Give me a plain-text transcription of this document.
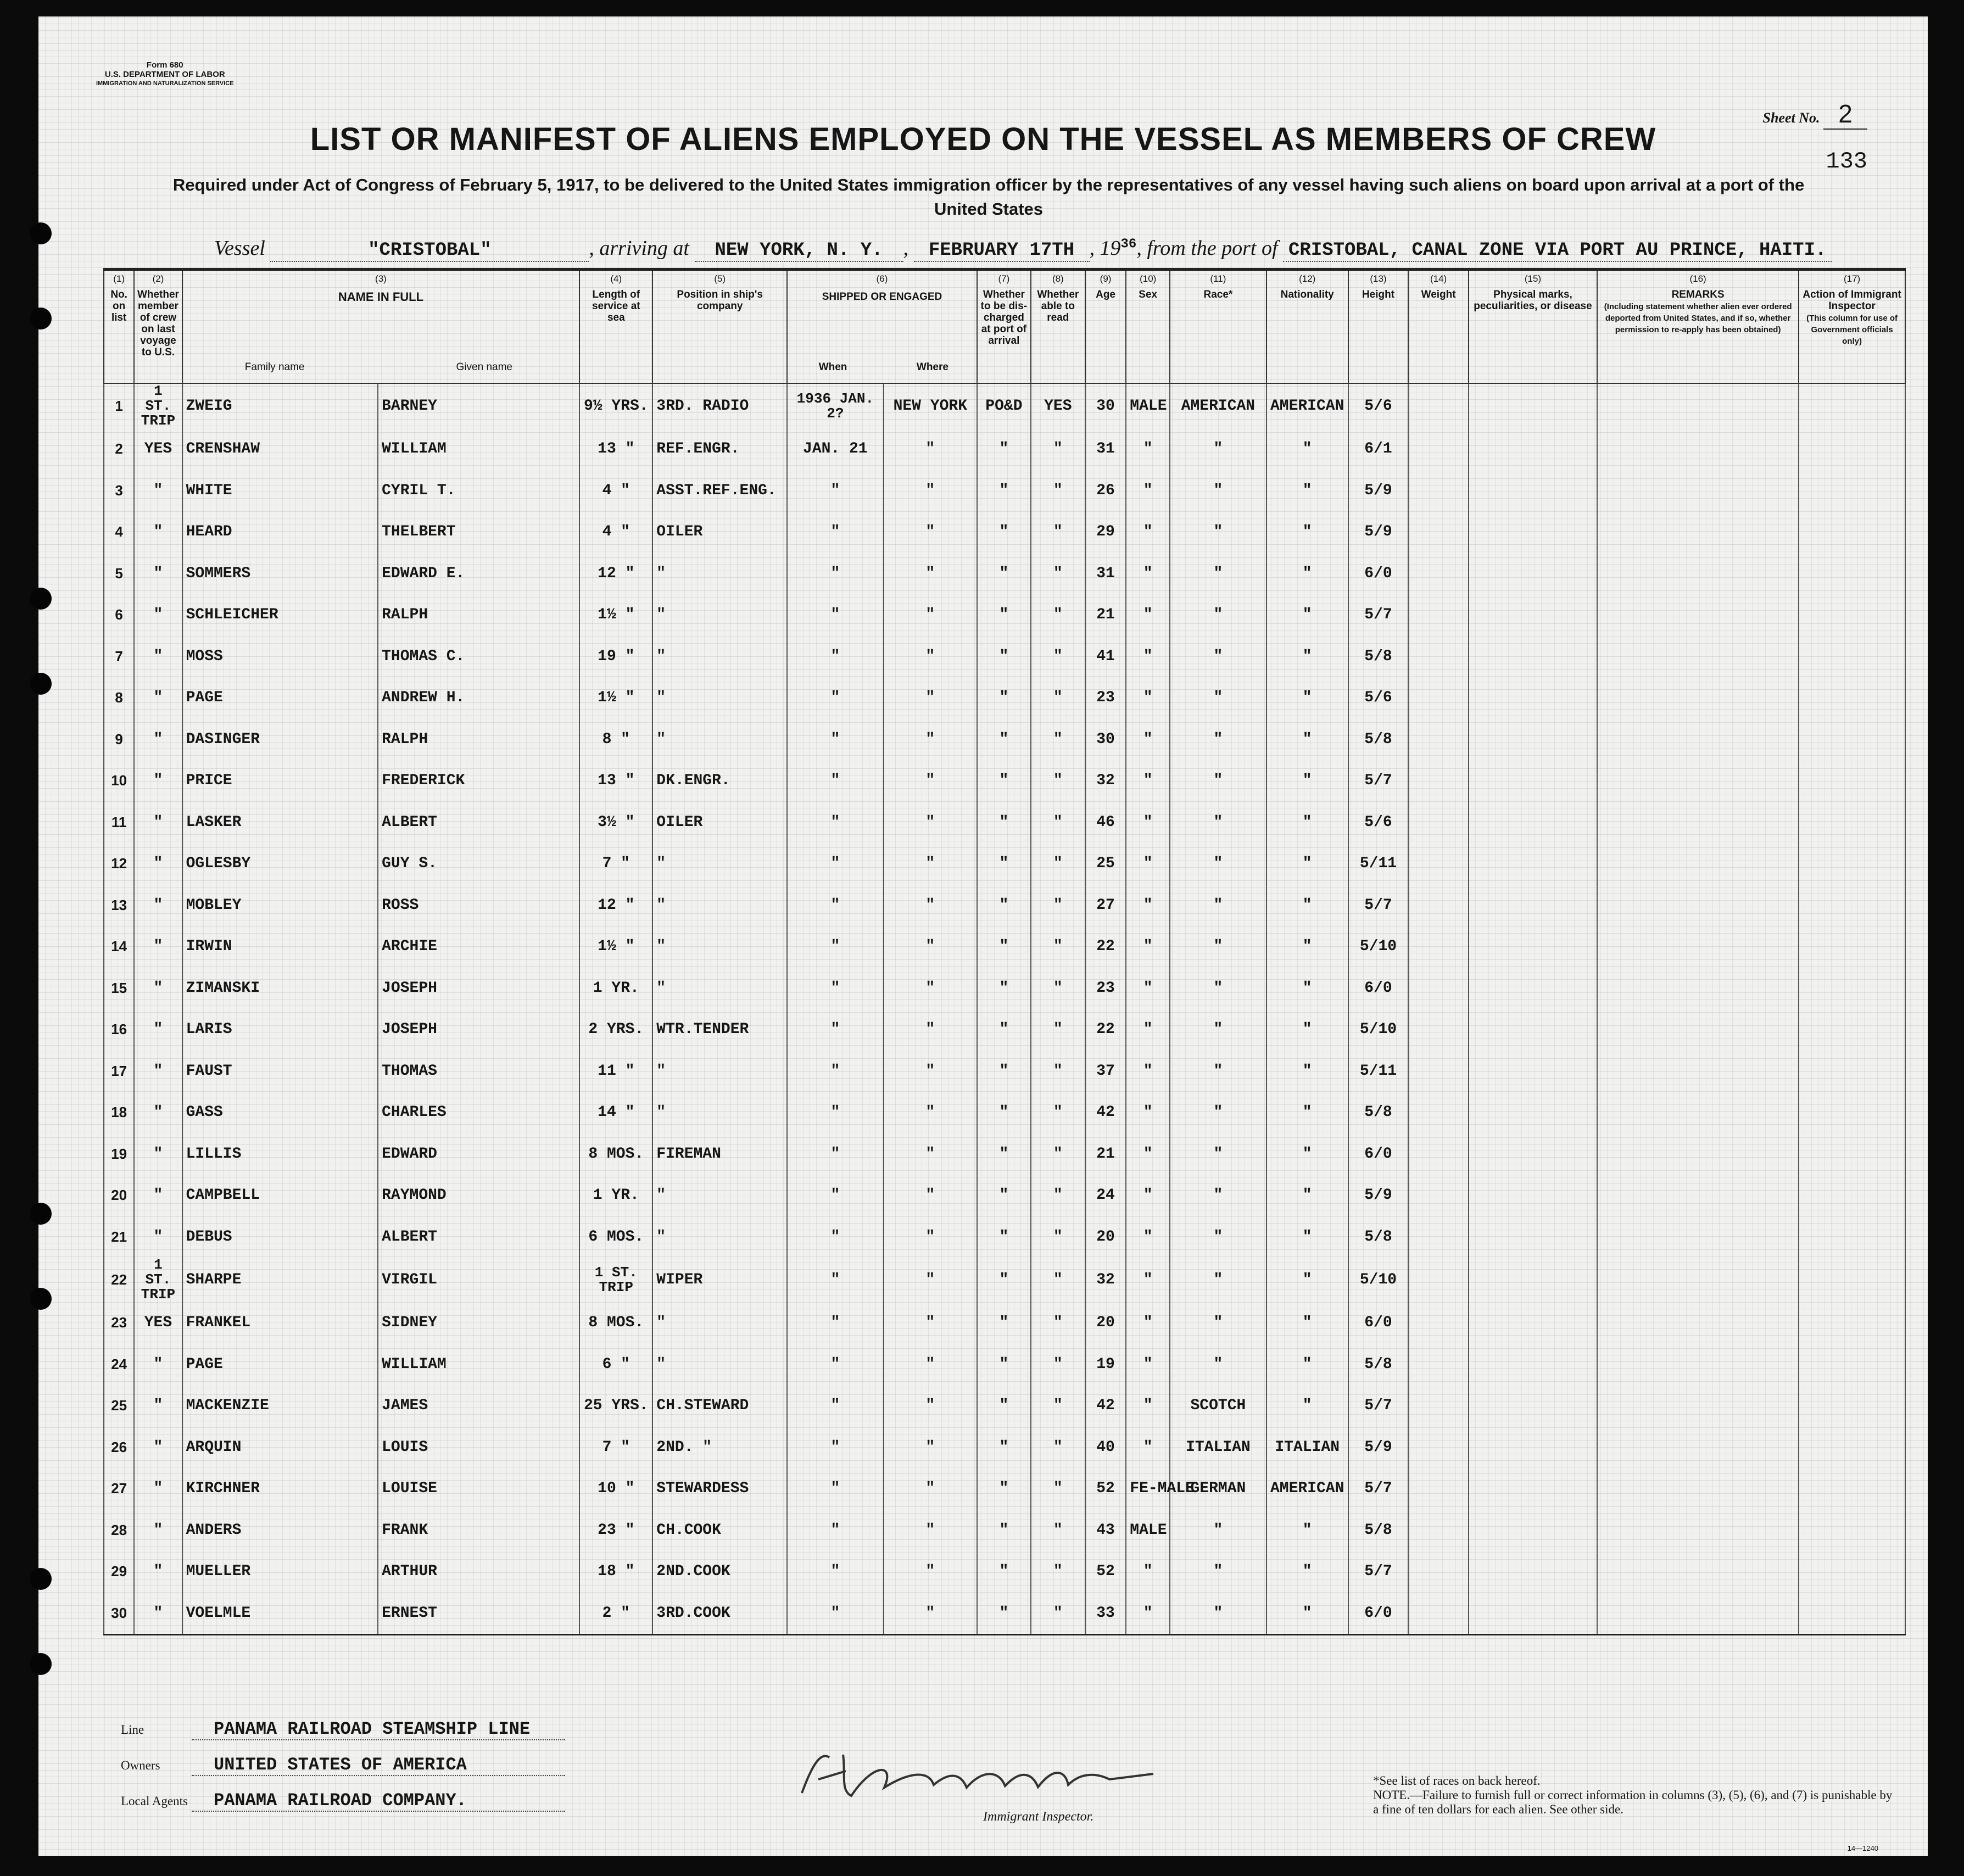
Form 680
U.S. DEPARTMENT OF LABOR
IMMIGRATION AND NATURALIZATION SERVICE
Sheet No. 2
133
LIST OR MANIFEST OF ALIENS EMPLOYED ON THE VESSEL AS MEMBERS OF CREW
Required under Act of Congress of February 5, 1917, to be delivered to the United States immigration officer by the representatives of any vessel having such aliens on board upon arrival at a port of the United States
Vessel	"CRISTOBAL"	, arriving at NEW YORK, N. Y. , FEBRUARY 17TH , $19^{36}$, from the port of CRISTOBAL, CANAL ZONE VIA PORT AU PRINCE, HAITI.
(1)
No. on list	(2)
Whether member of crew on last voyage to U.S.	(3)
NAME IN FULL
Family name Given name		(4)
Length of service at sea	(5)
Position in ship's company	(6)
SHIPPED OR ENGAGED
When Where		(7)
Whether to be dis-charged at port of arrival	(8)
Whether able to read	(9)
Age	(10)
Sex	(11)
Race*	(12)
Nationality	(13)
Height	(14)
Weight	(15)
Physical marks, peculiarities, or disease	(16)
REMARKS
(Including statement whether alien ever ordered deported from United States, and if so, whether permission to re-apply has been obtained)	(17)
Action of Immigrant Inspector
(This column for use of Government officials only)
1	1 ST. TRIP	ZWEIG	BARNEY	9½ YRS.	3RD. RADIO	1936 JAN. 2?	NEW YORK	PO&D	YES	30	MALE	AMERICAN	AMERICAN	5/6				
2	YES	CRENSHAW	WILLIAM	13 "	REF.ENGR.	JAN. 21	"	"	"	31	"	"	"	6/1				
3	"	WHITE	CYRIL T.	4 "	ASST.REF.ENG.	"	"	"	"	26	"	"	"	5/9				
4	"	HEARD	THELBERT	4 "	OILER	"	"	"	"	29	"	"	"	5/9				
5	"	SOMMERS	EDWARD E.	12 "	"	"	"	"	"	31	"	"	"	6/0				
6	"	SCHLEICHER	RALPH	1½ "	"	"	"	"	"	21	"	"	"	5/7				
7	"	MOSS	THOMAS C.	19 "	"	"	"	"	"	41	"	"	"	5/8				
8	"	PAGE	ANDREW H.	1½ "	"	"	"	"	"	23	"	"	"	5/6				
9	"	DASINGER	RALPH	8 "	"	"	"	"	"	30	"	"	"	5/8				
10	"	PRICE	FREDERICK	13 "	DK.ENGR.	"	"	"	"	32	"	"	"	5/7				
11	"	LASKER	ALBERT	3½ "	OILER	"	"	"	"	46	"	"	"	5/6				
12	"	OGLESBY	GUY S.	7 "	"	"	"	"	"	25	"	"	"	5/11				
13	"	MOBLEY	ROSS	12 "	"	"	"	"	"	27	"	"	"	5/7				
14	"	IRWIN	ARCHIE	1½ "	"	"	"	"	"	22	"	"	"	5/10				
15	"	ZIMANSKI	JOSEPH	1 YR.	"	"	"	"	"	23	"	"	"	6/0				
16	"	LARIS	JOSEPH	2 YRS.	WTR.TENDER	"	"	"	"	22	"	"	"	5/10				
17	"	FAUST	THOMAS	11 "	"	"	"	"	"	37	"	"	"	5/11				
18	"	GASS	CHARLES	14 "	"	"	"	"	"	42	"	"	"	5/8				
19	"	LILLIS	EDWARD	8 MOS.	FIREMAN	"	"	"	"	21	"	"	"	6/0				
20	"	CAMPBELL	RAYMOND	1 YR.	"	"	"	"	"	24	"	"	"	5/9				
21	"	DEBUS	ALBERT	6 MOS.	"	"	"	"	"	20	"	"	"	5/8				
22	1 ST. TRIP	SHARPE	VIRGIL	1 ST. TRIP	WIPER	"	"	"	"	32	"	"	"	5/10				
23	YES	FRANKEL	SIDNEY	8 MOS.	"	"	"	"	"	20	"	"	"	6/0				
24	"	PAGE	WILLIAM	6 "	"	"	"	"	"	19	"	"	"	5/8				
25	"	MACKENZIE	JAMES	25 YRS.	CH.STEWARD	"	"	"	"	42	"	SCOTCH	"	5/7				
26	"	ARQUIN	LOUIS	7 "	2ND. "	"	"	"	"	40	"	ITALIAN	ITALIAN	5/9				
27	"	KIRCHNER	LOUISE	10 "	STEWARDESS	"	"	"	"	52	FE-MALE	GERMAN	AMERICAN	5/7				
28	"	ANDERS	FRANK	23 "	CH.COOK	"	"	"	"	43	MALE	"	"	5/8				
29	"	MUELLER	ARTHUR	18 "	2ND.COOK	"	"	"	"	52	"	"	"	5/7				
30	"	VOELMLE	ERNEST	2 "	3RD.COOK	"	"	"	"	33	"	"	"	6/0				
Line	PANAMA RAILROAD STEAMSHIP LINE
Owners	UNITED STATES OF AMERICA
Local Agents PANAMA RAILROAD COMPANY.
Immigrant Inspector.
*See list of races on back hereof.
NOTE.—Failure to furnish full or correct information in columns (3), (5), (6), and (7) is punishable by a fine of ten dollars for each alien. See other side.
14—1240
